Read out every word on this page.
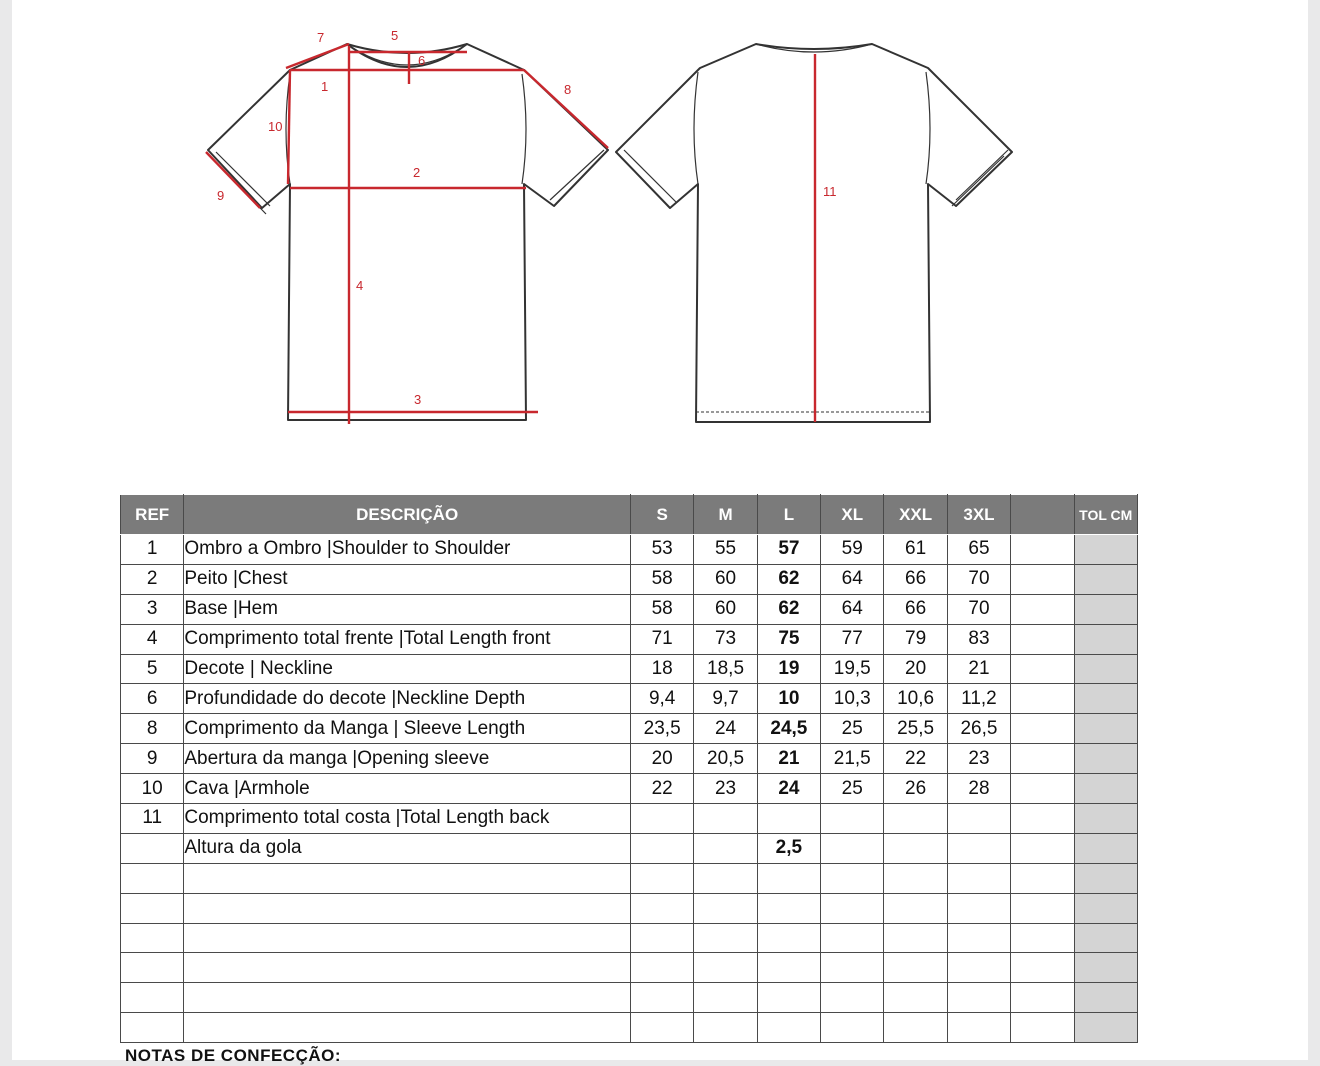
7	5
6
1	8
10
9
2
4
3
11
REF	DESCRIÇÃO	S	M	L	XL	XXL	3XL		TOL CM
1	Ombro a Ombro |Shoulder to Shoulder	53	55	57	59	61	65		
2	Peito |Chest	58	60	62	64	66	70		
3	Base |Hem	58	60	62	64	66	70		
4	Comprimento total frente |Total Length front	71	73	75	77	79	83		
5	Decote | Neckline	18	18,5	19	19,5	20	21		
6	Profundidade do decote |Neckline Depth	9,4	9,7	10	10,3	10,6	11,2		
8	Comprimento da Manga | Sleeve Length	23,5	24	24,5	25	25,5	26,5		
9	Abertura da manga |Opening sleeve	20	20,5	21	21,5	22	23		
10	Cava |Armhole	22	23	24	25	26	28		
11	Comprimento total costa |Total Length back								
	Altura da gola			2,5					

NOTAS DE CONFECÇÃO:
